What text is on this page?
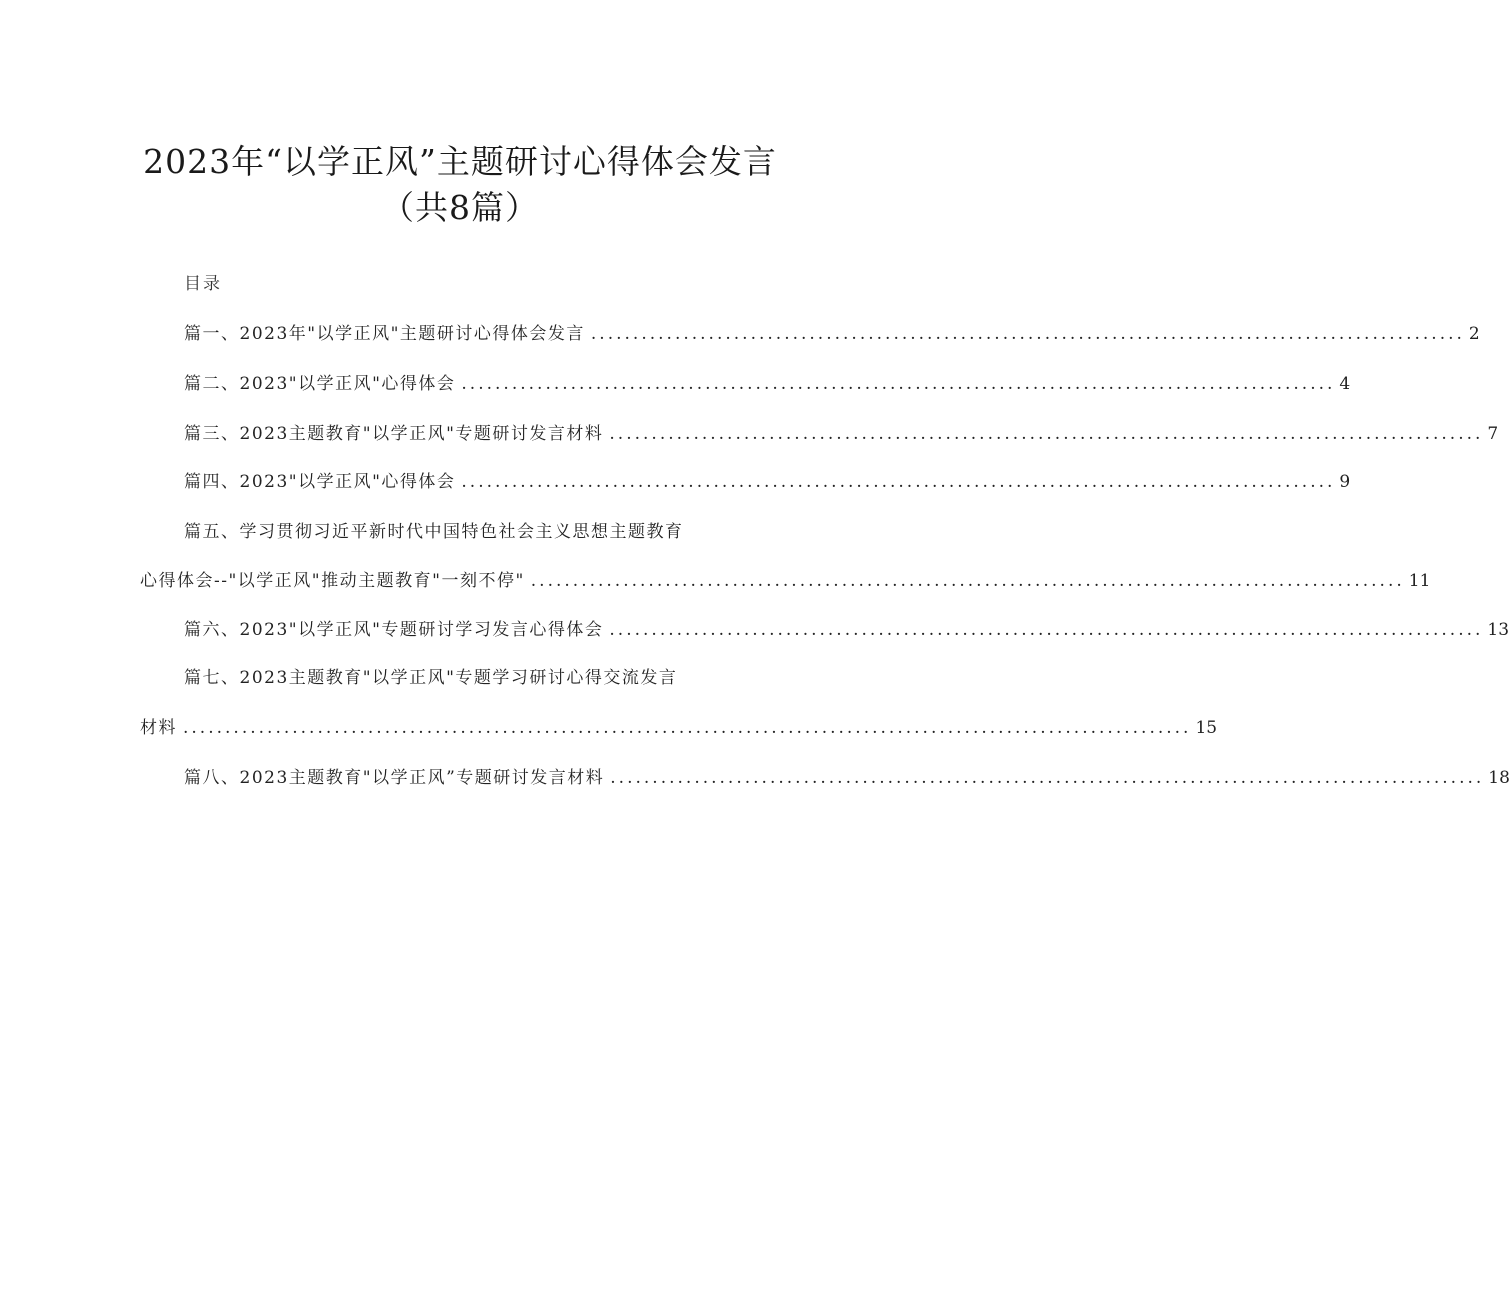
2023年“以学正风”主题研讨心得体会发言
（共8篇）
目录
篇一、2023年"以学正风"主题研讨心得体会发言 ........................................................................................................ 2
篇二、2023"以学正风"心得体会 ........................................................................................................ 4
篇三、2023主题教育"以学正风"专题研讨发言材料 ........................................................................................................ 7
篇四、2023"以学正风"心得体会 ........................................................................................................ 9
篇五、学习贯彻习近平新时代中国特色社会主义思想主题教育
心得体会--"以学正风"推动主题教育"一刻不停" ........................................................................................................ 11
篇六、2023"以学正风"专题研讨学习发言心得体会 ........................................................................................................ 13
篇七、2023主题教育"以学正风"专题学习研讨心得交流发言
材料 ........................................................................................................................ 15
篇八、2023主题教育"以学正风”专题研讨发言材料 ........................................................................................................ 18
